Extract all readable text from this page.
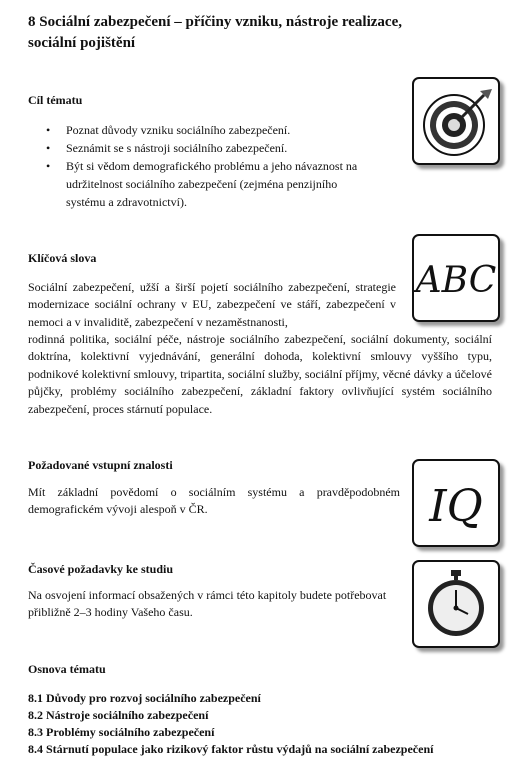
8 Sociální zabezpečení – příčiny vzniku, nástroje realizace,
sociální pojištění
Cíl tématu
• Poznat důvody vzniku sociálního zabezpečení.
• Seznámit se s nástroji sociálního zabezpečení.
• Být si vědom demografického problému a jeho návaznost na udržitelnost sociálního zabezpečení (zejména penzijního systému a zdravotnictví).
Klíčová slova

Sociální zabezpečení, užší a širší pojetí sociálního zabezpečení, strategie modernizace sociální ochrany v EU, zabezpečení ve stáří, zabezpečení v nemoci a v invaliditě, zabezpečení v nezaměstnanosti,

rodinná politika, sociální péče, nástroje sociálního zabezpečení, sociální dokumenty, sociální doktrína, kolektivní vyjednávání, generální dohoda, kolektivní smlouvy vyššího typu, podnikové kolektivní smlouvy, tripartita, sociální služby, sociální příjmy, věcné dávky a účelové půjčky, problémy sociálního zabezpečení, základní faktory ovlivňující systém sociálního zabezpečení, proces stárnutí populace.

ABC
Požadované vstupní znalosti

Mít základní povědomí o sociálním systému a pravděpodobném demografickém vývoji alespoň v ČR.	IQ
Časové požadavky ke studiu

Na osvojení informací obsažených v rámci této kapitoly budete potřebovat přibližně 2–3 hodiny Vašeho času.

Osnova tématu
8.1 Důvody pro rozvoj sociálního zabezpečení
8.2 Nástroje sociálního zabezpečení
8.3 Problémy sociálního zabezpečení
8.4 Stárnutí populace jako rizikový faktor růstu výdajů na sociální zabezpečení
